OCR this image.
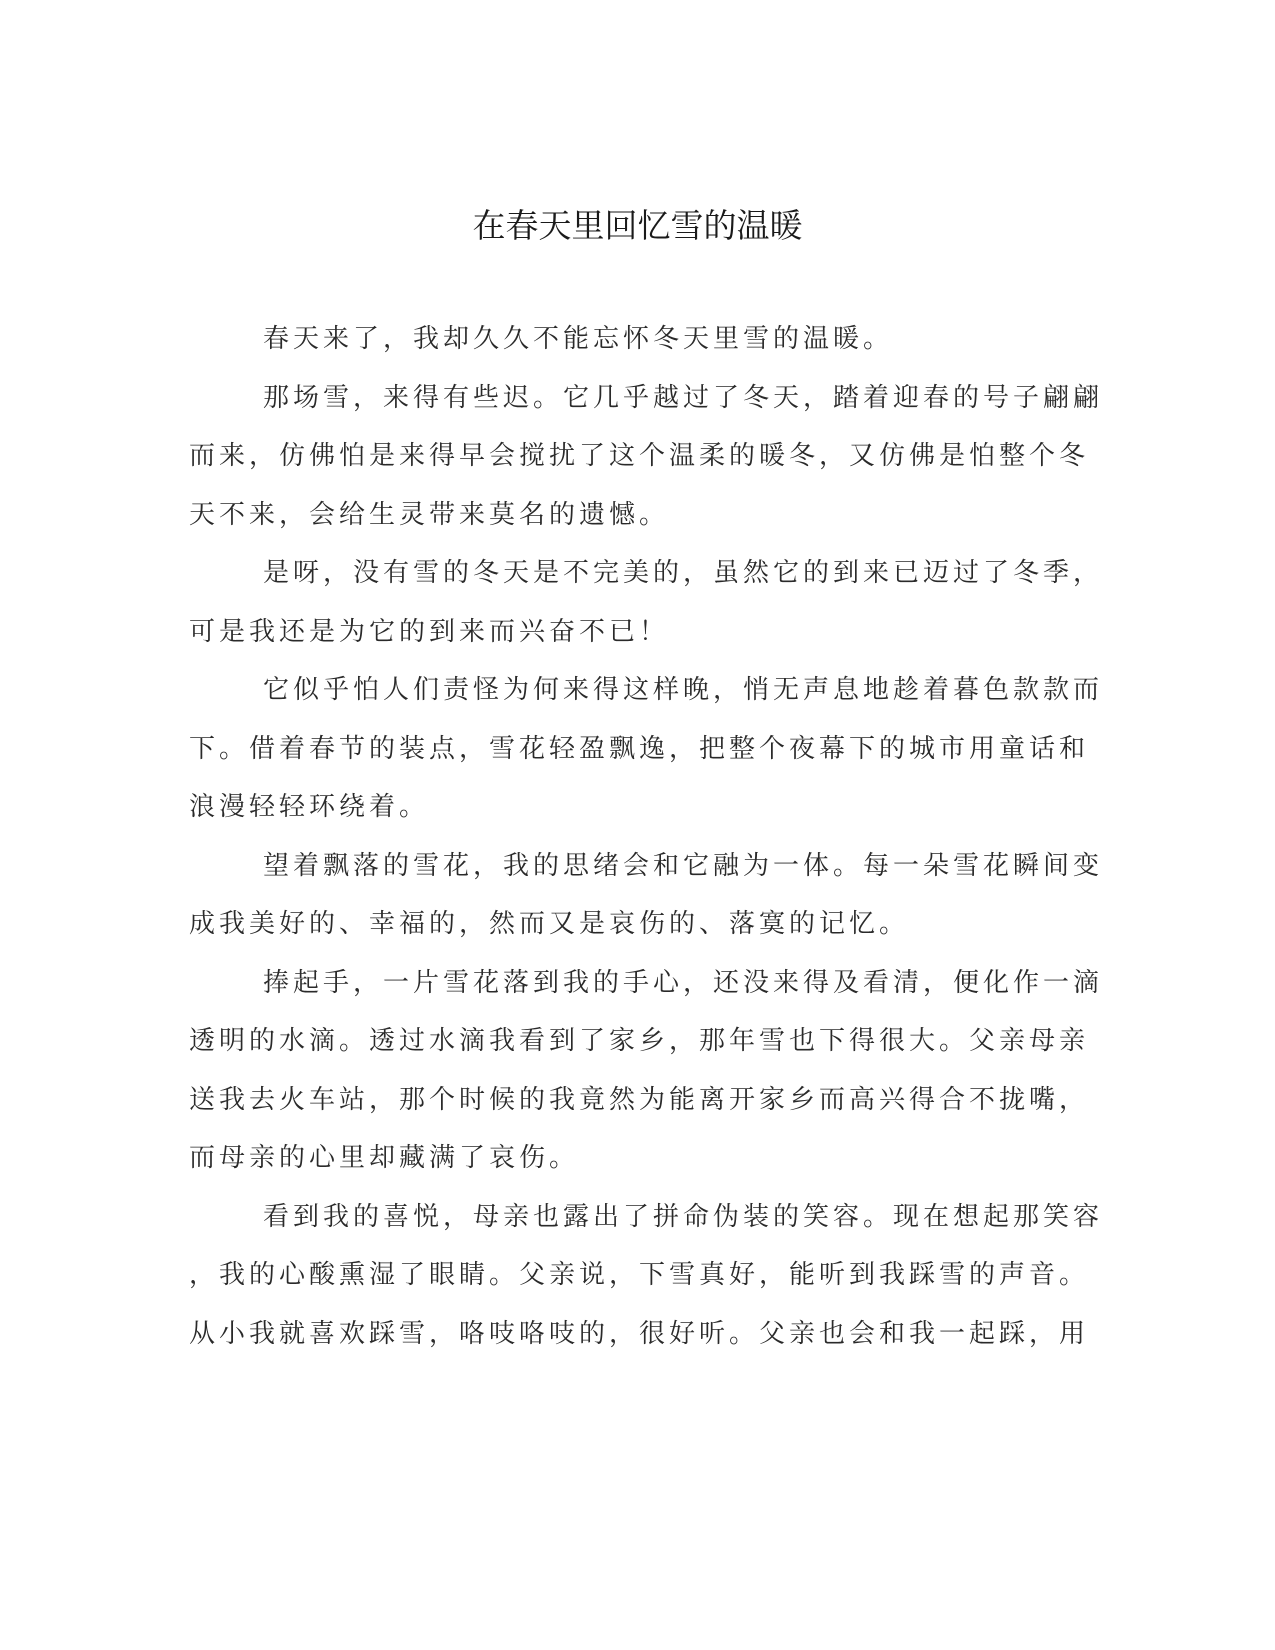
在春天里回忆雪的温暖
春天来了，我却久久不能忘怀冬天里雪的温暖。
那场雪，来得有些迟。它几乎越过了冬天，踏着迎春的号子翩翩
而来，仿佛怕是来得早会搅扰了这个温柔的暖冬，又仿佛是怕整个冬
天不来，会给生灵带来莫名的遗憾。
是呀，没有雪的冬天是不完美的，虽然它的到来已迈过了冬季，
可是我还是为它的到来而兴奋不已！
它似乎怕人们责怪为何来得这样晚，悄无声息地趁着暮色款款而
下。借着春节的装点，雪花轻盈飘逸，把整个夜幕下的城市用童话和
浪漫轻轻环绕着。
望着飘落的雪花，我的思绪会和它融为一体。每一朵雪花瞬间变
成我美好的、幸福的，然而又是哀伤的、落寞的记忆。
捧起手，一片雪花落到我的手心，还没来得及看清，便化作一滴
透明的水滴。透过水滴我看到了家乡，那年雪也下得很大。父亲母亲
送我去火车站，那个时候的我竟然为能离开家乡而高兴得合不拢嘴，
而母亲的心里却藏满了哀伤。
看到我的喜悦，母亲也露出了拼命伪装的笑容。现在想起那笑容
，我的心酸熏湿了眼睛。父亲说，下雪真好，能听到我踩雪的声音。
从小我就喜欢踩雪，咯吱咯吱的，很好听。父亲也会和我一起踩，用
